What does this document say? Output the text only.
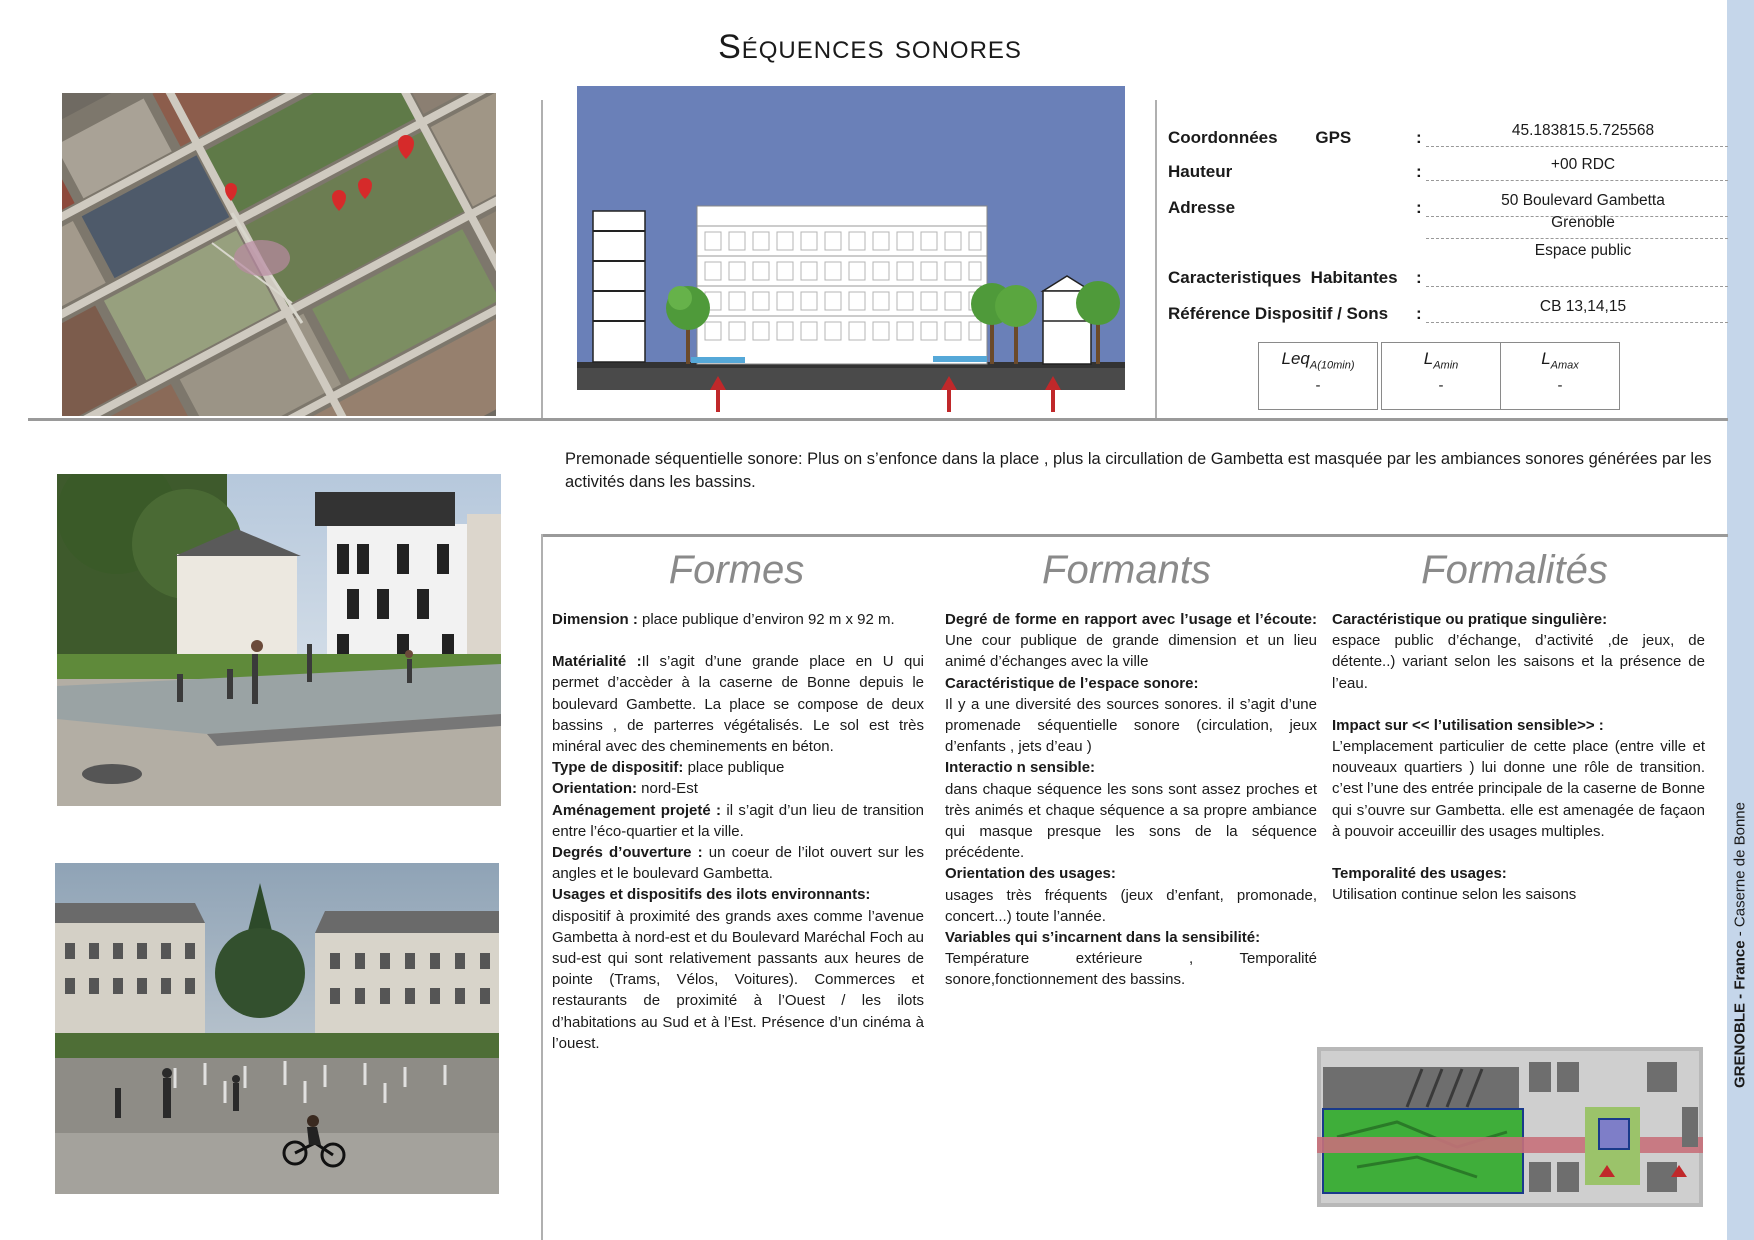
Séquences sonores
GRENOBLE - France - Caserne de Bonne
Coordonnées        GPS	:	45.183815.5.725568
Hauteur	:	+00 RDC
Adresse	:	50 Boulevard Gambetta
Grenoble
Espace public
Caracteristiques  Habitantes :
Référence Dispositif / Sons :	CB 13,14,15
Leq$_{A(10min)}$
-
$L_{Amin}$
-
$L_{Amax}$
-
Premonade séquentielle sonore: Plus on s’enfonce dans la place , plus la circullation de Gambetta est masquée par les ambiances sonores générées par les activités dans les bassins.
Formes	Formants	Formalités

Dimension : place publique d’environ 92 m x 92 m.

Matérialité :Il s’agit d’une grande place en U qui permet d’accèder à la caserne de Bonne depuis le boulevard Gambette. La place se compose de deux bassins , de parterres végétalisés. Le sol est très minéral avec des cheminements en béton.

Type de dispositif: place publique

Orientation: nord-Est

Aménagement projeté : il s’agit d’un lieu de transition entre l’éco-quartier et la ville.

Degrés d’ouverture : un coeur de l’ilot ouvert sur les angles et le boulevard Gambetta.

Usages et dispositifs des ilots environnants:

dispositif à proximité des grands axes comme l’avenue Gambetta à nord-est et du Boulevard Maréchal Foch au sud-est qui sont relativement passants aux heures de pointe (Trams, Vélos, Voitures). Commerces et restaurants de proximité à l’Ouest / les ilots d’habitations au Sud et à l’Est. Présence d’un cinéma à l’ouest.

Degré de forme en rapport avec l’usage et l’écoute: Une cour publique de grande dimension et un lieu animé d’échanges avec la ville

Caractéristique de l’espace sonore:

Il y a une diversité des sources sonores. il s’agit d’une promenade séquentielle sonore (circulation, jeux d’enfants , jets d’eau )

Interactio n sensible:

dans chaque séquence les sons sont assez proches et très animés et chaque séquence a sa propre ambiance qui masque presque les sons de la séquence précédente.

Orientation des usages:

usages très fréquents (jeux d’enfant, promonade, concert...) toute l’année.

Variables qui s’incarnent dans la sensibilité:

Température extérieure , Temporalité sonore,fonctionnement des bassins.

Caractéristique ou pratique singulière:

espace public d’échange, d’activité ,de jeux, de détente..) variant selon les saisons et la présence de l’eau.

Impact sur << l’utilisation sensible>> :

L’emplacement particulier de cette place (entre ville et nouveaux quartiers ) lui donne une rôle de transition. c’est l’une des entrée principale de la caserne de Bonne qui s’ouvre sur Gambetta. elle est amenagée de façaon à pouvoir acceuillir des usages multiples.

Temporalité des usages:

Utilisation continue selon les saisons
